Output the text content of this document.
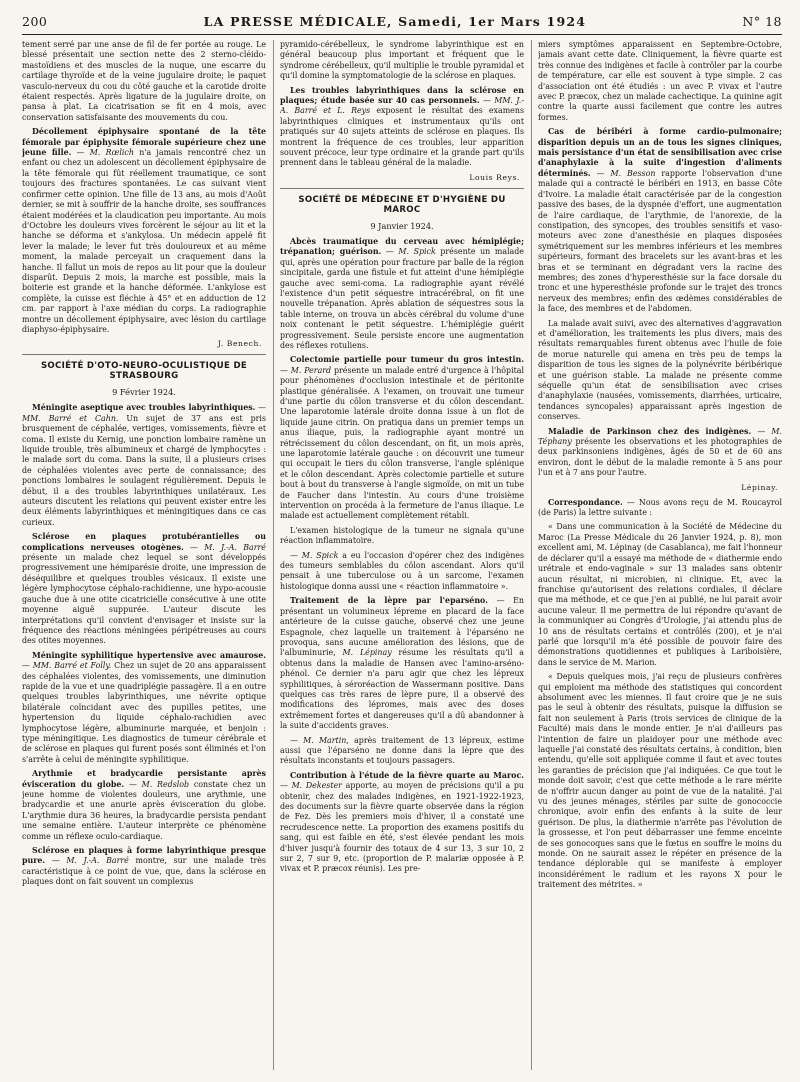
200	LA PRESSE MÉDICALE, Samedi, 1er Mars 1924	N° 18

tement serré par une anse de fil de fer portée au rouge. Le blessé présentait une section nette des 2 sterno-cléido-mastoïdiens et des muscles de la nuque, une escarre du cartilage thyroïde et de la veine jugulaire droite; le paquet vasculo-nerveux du cou du côté gauche et la carotide droite étaient respectés. Après ligature de la jugulaire droite, on pansa à plat. La cicatrisation se fit en 4 mois, avec conservation satisfaisante des mouvements du cou.

Décollement épiphysaire spontané de la tête fémorale par épiphysite fémorale supérieure chez une jeune fille. — M. Rœlich n'a jamais rencontré chez un enfant ou chez un adolescent un décollement épiphysaire de la tête fémorale qui fût réellement traumatique, ce sont toujours des fractures spontanées. Le cas suivant vient confirmer cette opinion. Une fille de 13 ans, au mois d'Août dernier, se mit à souffrir de la hanche droite, ses souffrances étaient modérées et la claudication peu importante. Au mois d'Octobre les douleurs vives forcèrent le séjour au lit et la hanche se déforma et s'ankylosa. Un médecin appelé fit lever la malade; le lever fut très douloureux et au même moment, la malade perceyait un craquement dans la hanche. Il fallut un mois de repos au lit pour que la douleur disparût. Depuis 2 mois, la marche est possible, mais la boiterie est grande et la hanche déformée. L'ankylose est complète, la cuisse est fléchie à 45° et en adduction de 12 cm. par rapport à l'axe médian du corps. La radiographie montre un décollement épiphysaire, avec lésion du cartilage diaphyso-épiphysaire.

J. Benech.
SOCIÉTÉ D'OTO-NEURO-OCULISTIQUE DE STRASBOURG
9 Février 1924.

Méningite aseptique avec troubles labyrinthiques. — MM. Barré et Cahn. Un sujet de 37 ans est pris brusquement de céphalée, vertiges, vomissements, fièvre et coma. Il existe du Kernig, une ponction lombaire ramène un liquide trouble, très albumineux et chargé de lymphocytes : le malade sort du coma. Dans la suite, il a plusieurs crises de céphalées violentes avec perte de connaissance; des ponctions lombaires le soulagent régulièrement. Depuis le début, il a des troubles labyrinthiques unilatéraux. Les auteurs discutent les relations qui peuvent exister entre les deux éléments labyrinthiques et méningitiques dans ce cas curieux.

Sclérose en plaques protubérantielles ou complications nerveuses otogènes. — M. J.-A. Barré présente un malade chez lequel se sont développés progressivement une hémiparésie droite, une impression de déséquilibre et quelques troubles vésicaux. Il existe une légère lymphocytose céphalo-rachidienne, une hypo-acousie gauche due à une otite cicatricielle consécutive à une otite moyenne aiguë suppurée. L'auteur discute les interprétations qu'il convient d'envisager et insiste sur la fréquence des réactions méningées péripétreuses au cours des otites moyennes.

Méningite syphilitique hypertensive avec amaurose. — MM. Barré et Folly. Chez un sujet de 20 ans apparaissent des céphalées violentes, des vomissements, une diminution rapide de la vue et une quadriplégie passagère. Il a en outre quelques troubles labyrinthiques, une névrite optique bilatérale coïncidant avec des pupilles petites, une hypertension du liquide céphalo-rachidien avec lymphocytose légère, albuminurie marquée, et benjoin : type méningitique. Les diagnostics de tumeur cérébrale et de sclérose en plaques qui furent posés sont éliminés et l'on s'arrête à celui de méningite syphilitique.

Arythmie et bradycardie persistante après évisceration du globe. — M. Redslob constate chez un jeune homme de violentes douleurs, une arythmie, une bradycardie et une anurie après évisceration du globe. L'arythmie dura 36 heures, la bradycardie persista pendant une semaine entière. L'auteur interprète ce phénomène comme un réflexe oculo-cardiaque.

Sclérose en plaques à forme labyrinthique presque pure. — M. J.-A. Barré montre, sur une malade très caractéristique à ce point de vue, que, dans la sclérose en plaques dont on fait souvent un complexus

pyramido-cérébelleux, le syndrome labyrinthique est en général beaucoup plus important et fréquent que le syndrome cérébelleux, qu'il multiplie le trouble pyramidal et qu'il domine la symptomatologie de la sclérose en plaques.

Les troubles labyrinthiques dans la sclérose en plaques; étude basée sur 40 cas personnels. — MM. J.-A. Barré et L. Reys exposent le résultat des examens labyrinthiques cliniques et instrumentaux qu'ils ont pratiqués sur 40 sujets atteints de sclérose en plaques. Ils montrent la fréquence de ces troubles, leur apparition souvent précoce, leur type ordinaire et la grande part qu'ils prennent dans le tableau général de la maladie.

Louis Reys.
SOCIÉTÉ DE MÉDECINE ET D'HYGIÈNE DU MAROC
9 Janvier 1924.

Abcès traumatique du cerveau avec hémiplégie; trépanation; guérison. — M. Spick présente un malade qui, après une opération pour fracture par balle de la région sincipitale, garda une fistule et fut atteint d'une hémiplégie gauche avec semi-coma. La radiographie ayant révélé l'existence d'un petit séquestre intracérébral, on fit une nouvelle trépanation. Après ablation de séquestres sous la table interne, on trouva un abcès cérébral du volume d'une noix contenant le petit séquestre. L'hémiplégie guérit progressivement. Seule persiste encore une augmentation des réflexes rotuliens.

Colectomie partielle pour tumeur du gros intestin. — M. Perard présente un malade entré d'urgence à l'hôpital pour phénomènes d'occlusion intestinale et de péritonite plastique généralisée. A l'examen, on trouvait une tumeur d'une partie du côlon transverse et du côlon descendant. Une laparotomie latérale droite donna issue à un flot de liquide jaune citrin. On pratiqua dans un premier temps un anus iliaque, puis, la radiographie ayant montré un rétrécissement du côlon descendant, on fit, un mois après, une laparotomie latérale gauche : on découvrit une tumeur qui occupait le tiers du côlon transverse, l'angle splénique et le côlon descendant. Après colectomie partielle et suture bout à bout du transverse à l'angle sigmoïde, on mit un tube de Faucher dans l'intestin. Au cours d'une troisième intervention on procéda à la fermeture de l'anus iliaque. Le malade est actuellement complètement rétabli.

L'examen histologique de la tumeur ne signala qu'une réaction inflammatoire.

— M. Spick a eu l'occasion d'opérer chez des indigènes des tumeurs semblables du côlon ascendant. Alors qu'il pensait à une tuberculose ou à un sarcome, l'examen histologique donna aussi une « réaction inflammatoire ».

Traitement de la lèpre par l'eparséno. — En présentant un volumineux lépreme en placard de la face antérieure de la cuisse gauche, observé chez une jeune Espagnole, chez laquelle un traitement à l'éparséno ne provoqua, sans aucune amélioration des lésions, que de l'albuminurie, M. Lépinay résume les résultats qu'il a obtenus dans la maladie de Hansen avec l'amino-arséno-phénol. Ce dernier n'a paru agir que chez les lépreux syphilitiques, à séroréaction de Wassermann positive. Dans quelques cas très rares de lèpre pure, il a observé des modifications des lépromes, mais avec des doses extrêmement fortes et dangereuses qu'il a dû abandonner à la suite d'accidents graves.

— M. Martin, après traitement de 13 lépreux, estime aussi que l'éparséno ne donne dans la lèpre que des résultats inconstants et toujours passagers.

Contribution à l'étude de la fièvre quarte au Maroc. — M. Dekester apporte, au moyen de précisions qu'il a pu obtenir, chez des malades indigènes, en 1921-1922-1923, des documents sur la fièvre quarte observée dans la région de Fez. Dès les premiers mois d'hiver, il a constaté une recrudescence nette. La proportion des examens positifs du sang, qui est faible en été, s'est élevée pendant les mois d'hiver jusqu'à fournir des totaux de 4 sur 13, 3 sur 10, 2 sur 2, 7 sur 9, etc. (proportion de P. malariæ opposée à P. vivax et P. præcox réunis). Les pre-

miers symptômes apparaissent en Septembre-Octobre, jamais avant cette date. Cliniquement, la fièvre quarte est très connue des indigènes et facile à contrôler par la courbe de température, car elle est souvent à type simple. 2 cas d'association ont été étudiés : un avec P. vivax et l'autre avec P. præcox, chez un malade cachectique. La quinine agit contre la quarte aussi facilement que contre les autres formes.

Cas de béribéri à forme cardio-pulmonaire; disparition depuis un an de tous les signes cliniques, mais persistance d'un état de sensibilisation avec crise d'anaphylaxie à la suite d'ingestion d'aliments déterminés. — M. Besson rapporte l'observation d'une malade qui a contracté le béribéri en 1913, en basse Côte d'Ivoire. La maladie était caractérisée par de la congestion passive des bases, de la dyspnée d'effort, une augmentation de l'aire cardiaque, de l'arythmie, de l'anorexie, de la constipation, des syncopes, des troubles sensitifs et vaso-moteurs avec zone d'anesthésie en plaques disposées symétriquement sur les membres inférieurs et les membres supérieurs, formant des bracelets sur les avant-bras et les bras et se terminant en dégradant vers la racine des membres; des zones d'hyperesthésie sur la face dorsale du tronc et une hyperesthésie profonde sur le trajet des troncs nerveux des membres; enfin des œdèmes considérables de la face, des membres et de l'abdomen.

La malade avait suivi, avec des alternatives d'aggravation et d'amélioration, les traitements les plus divers, mais des résultats remarquables furent obtenus avec l'huile de foie de morue naturelle qui amena en très peu de temps la disparition de tous les signes de la polynévrite béribérique et une guérison stable. La malade ne présente comme séquelle qu'un état de sensibilisation avec crises d'anaphylaxie (nausées, vomissements, diarrhées, urticaire, tendances syncopales) apparaissant après ingestion de conserves.

Maladie de Parkinson chez des indigènes. — M. Téphany présente les observations et les photographies de deux parkinsoniens indigènes, âgés de 50 et de 60 ans environ, dont le début de la maladie remonte à 5 ans pour l'un et à 7 ans pour l'autre.

Lépinay.

Correspondance. — Nous avons reçu de M. Roucayrol (de Paris) la lettre suivante :

« Dans une communication à la Société de Médecine du Maroc (La Presse Médicale du 26 Janvier 1924, p. 8), mon excellent ami, M. Lépinay (de Casablanca), me fait l'honneur de déclarer qu'il a essayé ma méthode de « diathermie endo urétrale et endo-vaginale » sur 13 malades sans obtenir aucun résultat, ni microbien, ni clinique. Et, avec la franchise qu'autorisent des relations cordiales, il déclare que ma méthode, et ce que j'en ai publié, ne lui parait avoir aucune valeur. Il me permettra de lui répondre qu'avant de la communiquer au Congrès d'Urologie, j'ai attendu plus de 10 ans de résultats certains et contrôlés (200), et je n'ai parlé que lorsqu'il m'a été possible de pouvoir faire des démonstrations quotidiennes et publiques à Lariboisière, dans le service de M. Marion.

« Depuis quelques mois, j'ai reçu de plusieurs confrères qui emploient ma méthode des statistiques qui concordent absolument avec les miennes. Il faut croire que je ne suis pas le seul à obtenir des résultats, puisque la diffusion se fait non seulement à Paris (trois services de clinique de la Faculté) mais dans le monde entier. Je n'ai d'ailleurs pas l'intention de faire un plaidoyer pour une méthode avec laquelle j'ai constaté des résultats certains, à condition, bien entendu, qu'elle soit appliquée comme il faut et avec toutes les garanties de précision que j'ai indiquées. Ce que tout le monde doit savoir, c'est que cette méthode a le rare mérite de n'offrir aucun danger au point de vue de la natalité. J'ai vu des jeunes ménages, stériles par suite de gonococcie chronique, avoir enfin des enfants à la suite de leur guérison. De plus, la diathermie n'arrête pas l'évolution de la grossesse, et l'on peut débarrasser une femme enceinte de ses gonocoques sans que le fœtus en souffre le moins du monde. On ne saurait assez le répéter en présence de la tendance déplorable qui se manifeste à employer inconsidérément le radium et les rayons X pour le traitement des métrites. »
